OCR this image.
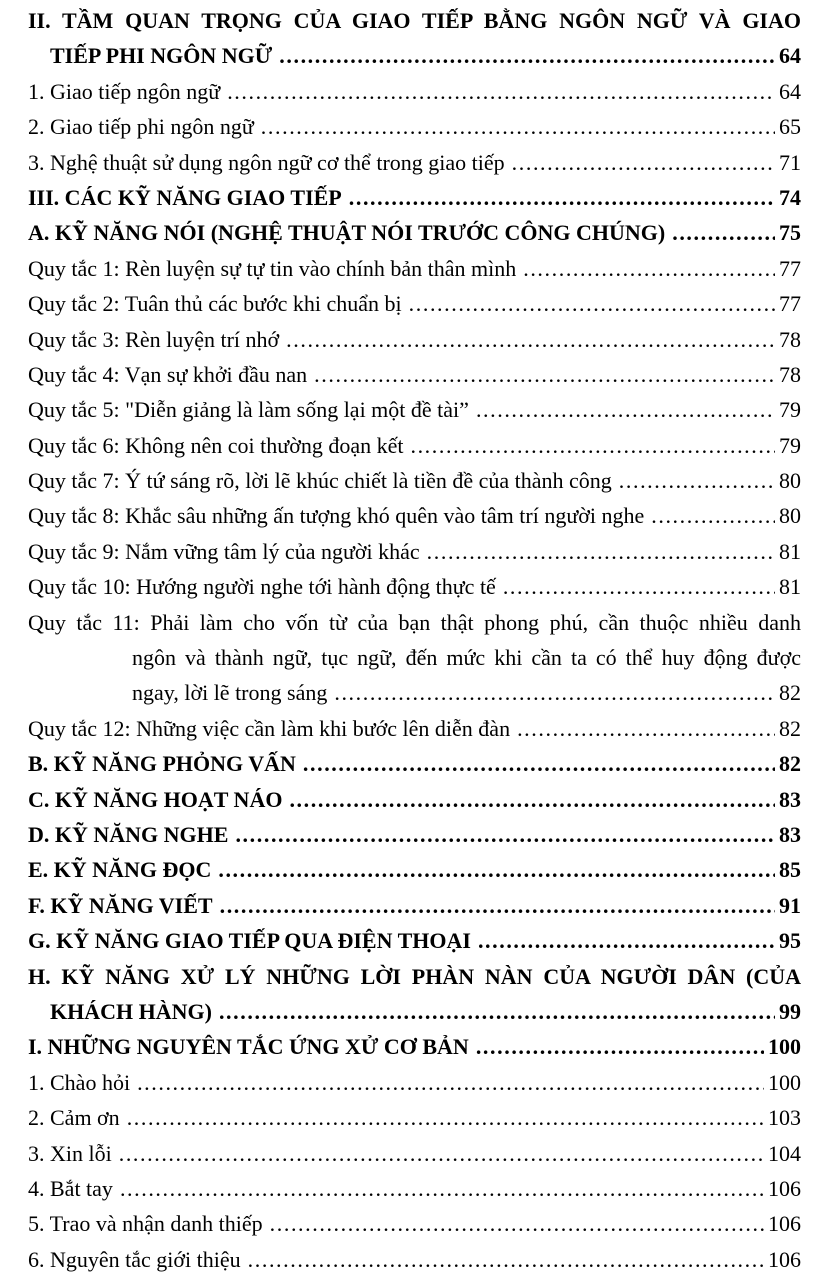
II. TẦM QUAN TRỌNG CỦA GIAO TIẾP BẰNG NGÔN NGỮ VÀ GIAO
TIẾP PHI NGÔN NGỮ .....	64
1. Giao tiếp ngôn ngữ .....	64
2. Giao tiếp phi ngôn ngữ .....	65
3. Nghệ thuật sử dụng ngôn ngữ cơ thể trong giao tiếp .....	71
III. CÁC KỸ NĂNG GIAO TIẾP .....	74
A. KỸ NĂNG NÓI (NGHỆ THUẬT NÓI TRƯỚC CÔNG CHÚNG) .....	75
Quy tắc 1: Rèn luyện sự tự tin vào chính bản thân mình .....	77
Quy tắc 2: Tuân thủ các bước khi chuẩn bị .....	77
Quy tắc 3: Rèn luyện trí nhớ .....	78
Quy tắc 4: Vạn sự khởi đầu nan .....	78
Quy tắc 5: "Diễn giảng là làm sống lại một đề tài” .....	79
Quy tắc 6: Không nên coi thường đoạn kết .....	79
Quy tắc 7: Ý tứ sáng rõ, lời lẽ khúc chiết là tiền đề của thành công .....	80
Quy tắc 8: Khắc sâu những ấn tượng khó quên vào tâm trí người nghe .....	80
Quy tắc 9: Nắm vững tâm lý của người khác .....	81
Quy tắc 10: Hướng người nghe tới hành động thực tế .....	81
Quy tắc 11: Phải làm cho vốn từ của bạn thật phong phú, cần thuộc nhiều danh
ngôn và thành ngữ, tục ngữ, đến mức khi cần ta có thể huy động được
ngay, lời lẽ trong sáng .....	82
Quy tắc 12: Những việc cần làm khi bước lên diễn đàn .....	82
B. KỸ NĂNG PHỎNG VẤN .....	82
C. KỸ NĂNG HOẠT NÁO .....	83
D. KỸ NĂNG NGHE .....	83
E. KỸ NĂNG ĐỌC .....	85
F. KỸ NĂNG VIẾT .....	91
G. KỸ NĂNG GIAO TIẾP QUA ĐIỆN THOẠI .....	95
H. KỸ NĂNG XỬ LÝ NHỮNG LỜI PHÀN NÀN CỦA NGƯỜI DÂN (CỦA
KHÁCH HÀNG) .....	99
I. NHỮNG NGUYÊN TẮC ỨNG XỬ CƠ BẢN .....	100
1. Chào hỏi .....	100
2. Cảm ơn .....	103
3. Xin lỗi .....	104
4. Bắt tay .....	106
5. Trao và nhận danh thiếp .....	106
6. Nguyên tắc giới thiệu .....	106
